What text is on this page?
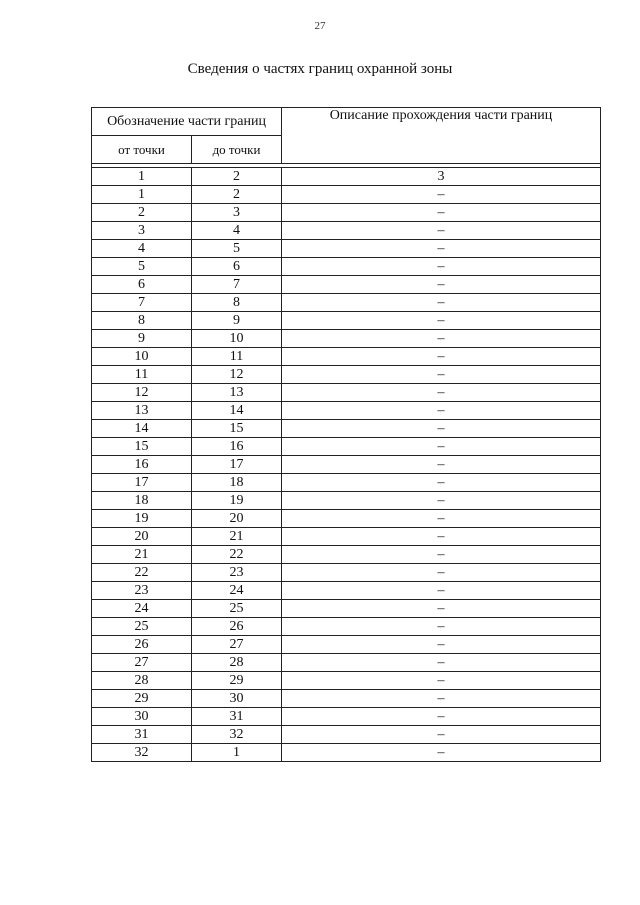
27
Сведения о частях границ охранной зоны
Обозначение части границ		Описание прохождения части границ
от точки	до точки	

1	2	3
1	2	–
2	3	–
3	4	–
4	5	–
5	6	–
6	7	–
7	8	–
8	9	–
9	10	–
10	11	–
11	12	–
12	13	–
13	14	–
14	15	–
15	16	–
16	17	–
17	18	–
18	19	–
19	20	–
20	21	–
21	22	–
22	23	–
23	24	–
24	25	–
25	26	–
26	27	–
27	28	–
28	29	–
29	30	–
30	31	–
31	32	–
32	1	–
